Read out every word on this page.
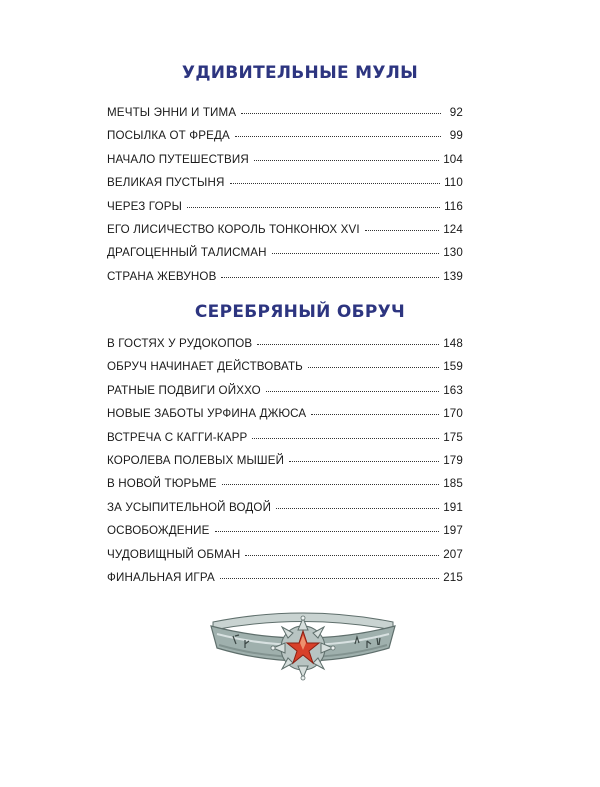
УДИВИТЕЛЬНЫЕ МУЛЫ
МЕЧТЫ ЭННИ И ТИМА	92
ПОСЫЛКА ОТ ФРЕДА	99
НАЧАЛО ПУТЕШЕСТВИЯ	104
ВЕЛИКАЯ ПУСТЫНЯ	110
ЧЕРЕЗ ГОРЫ	116
ЕГО ЛИСИЧЕСТВО КОРОЛЬ ТОНКОНЮХ XVI	124
ДРАГОЦЕННЫЙ ТАЛИСМАН	130
СТРАНА ЖЕВУНОВ	139
СЕРЕБРЯНЫЙ ОБРУЧ
В ГОСТЯХ У РУДОКОПОВ	148
ОБРУЧ НАЧИНАЕТ ДЕЙСТВОВАТЬ	159
РАТНЫЕ ПОДВИГИ ОЙХХО	163
НОВЫЕ ЗАБОТЫ УРФИНА ДЖЮСА	170
ВСТРЕЧА С КАГГИ-КАРР	175
КОРОЛЕВА ПОЛЕВЫХ МЫШЕЙ	179
В НОВОЙ ТЮРЬМЕ	185
ЗА УСЫПИТЕЛЬНОЙ ВОДОЙ	191
ОСВОБОЖДЕНИЕ	197
ЧУДОВИЩНЫЙ ОБМАН	207
ФИНАЛЬНАЯ ИГРА	215
